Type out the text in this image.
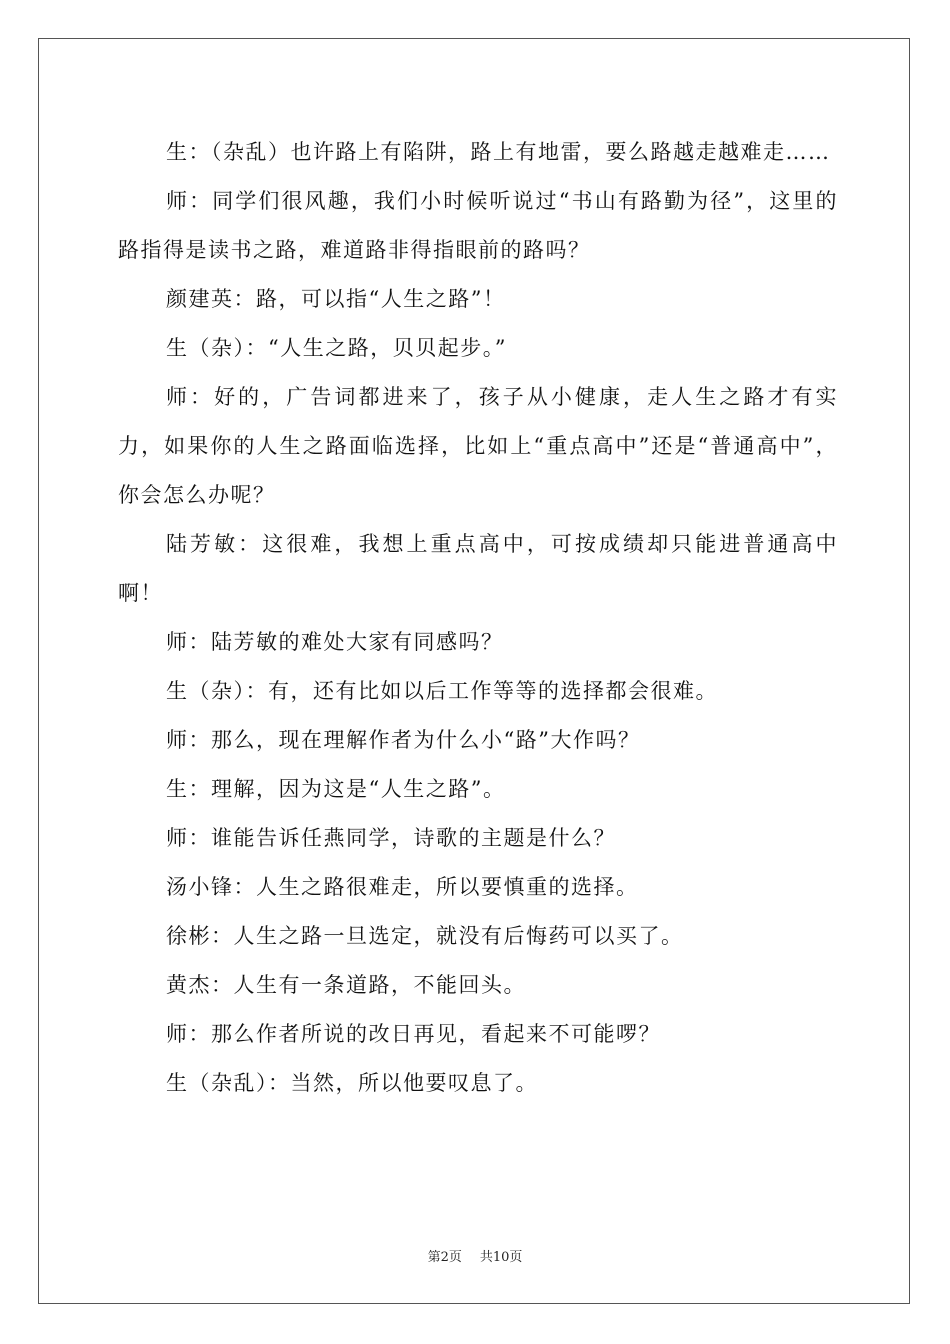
生：（杂乱）也许路上有陷阱，路上有地雷，要么路越走越难走……

师：同学们很风趣，我们小时候听说过“书山有路勤为径”，这里的路指得是读书之路，难道路非得指眼前的路吗？

颜建英：路，可以指“人生之路”！

生（杂）：“人生之路，贝贝起步。”

师：好的，广告词都进来了，孩子从小健康，走人生之路才有实力，如果你的人生之路面临选择，比如上“重点高中”还是“普通高中”，你会怎么办呢？

陆芳敏：这很难，我想上重点高中，可按成绩却只能进普通高中啊！

师：陆芳敏的难处大家有同感吗？

生（杂）：有，还有比如以后工作等等的选择都会很难。

师：那么，现在理解作者为什么小“路”大作吗？

生：理解，因为这是“人生之路”。

师：谁能告诉任燕同学，诗歌的主题是什么？

汤小锋：人生之路很难走，所以要慎重的选择。

徐彬：人生之路一旦选定，就没有后悔药可以买了。

黄杰：人生有一条道路，不能回头。

师：那么作者所说的改日再见，看起来不可能啰？

生（杂乱）：当然，所以他要叹息了。

第2页 共10页
